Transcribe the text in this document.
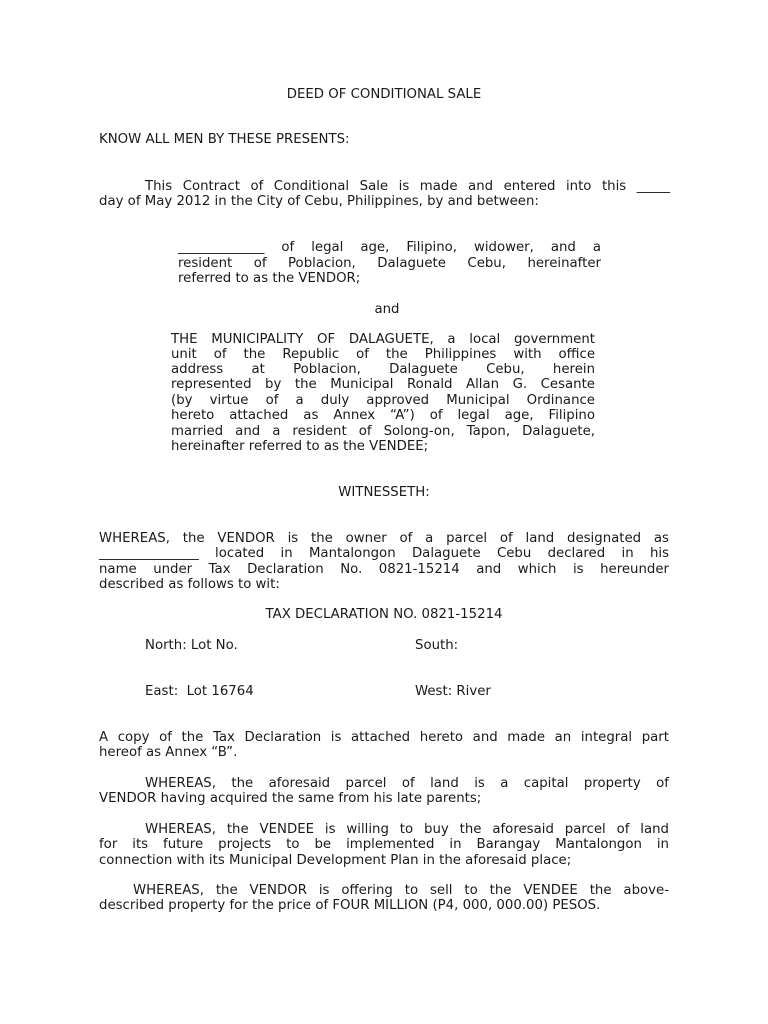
DEED OF CONDITIONAL SALE
KNOW ALL MEN BY THESE PRESENTS:
This Contract of Conditional Sale is made and entered into this _____
day of May 2012 in the City of Cebu, Philippines, by and between:
_____________ of legal age, Filipino, widower, and a
resident of Poblacion, Dalaguete Cebu, hereinafter
referred to as the VENDOR;
and
THE MUNICIPALITY OF DALAGUETE, a local government
unit of the Republic of the Philippines with office
address at Poblacion, Dalaguete Cebu, herein
represented by the Municipal Ronald Allan G. Cesante
(by virtue of a duly approved Municipal Ordinance
hereto attached as Annex “A”) of legal age, Filipino
married and a resident of Solong-on, Tapon, Dalaguete,
hereinafter referred to as the VENDEE;
WITNESSETH:
WHEREAS, the VENDOR is the owner of a parcel of land designated as
_______________ located in Mantalongon Dalaguete Cebu declared in his
name under Tax Declaration No. 0821-15214 and which is hereunder
described as follows to wit:
TAX DECLARATION NO. 0821-15214
North: Lot No.	South:
East:  Lot 16764	West: River
A copy of the Tax Declaration is attached hereto and made an integral part
hereof as Annex “B”.
WHEREAS, the aforesaid parcel of land is a capital property of
VENDOR having acquired the same from his late parents;
WHEREAS, the VENDEE is willing to buy the aforesaid parcel of land
for its future projects to be implemented in Barangay Mantalongon in
connection with its Municipal Development Plan in the aforesaid place;
WHEREAS, the VENDOR is offering to sell to the VENDEE the above-
described property for the price of FOUR MILLION (P4, 000, 000.00) PESOS.
